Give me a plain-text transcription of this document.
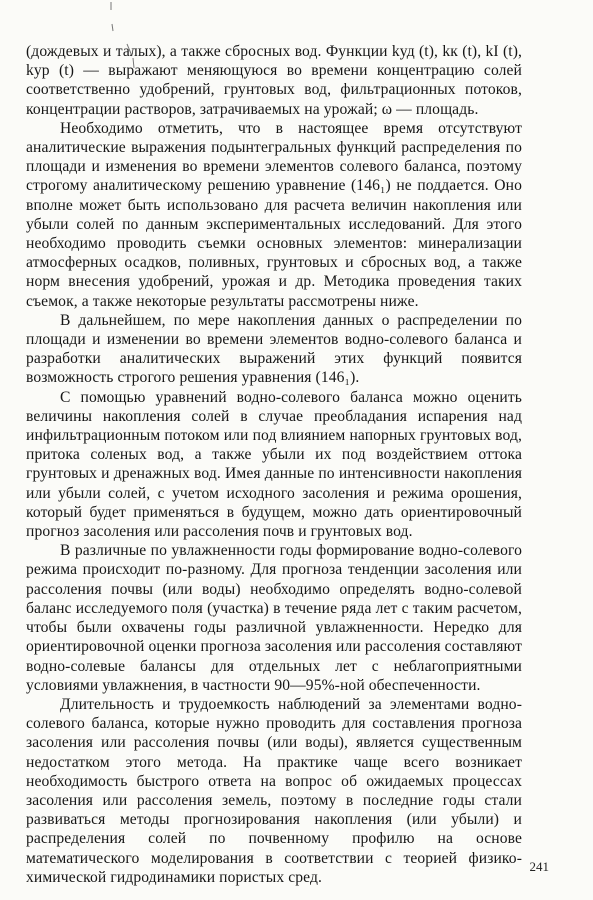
(дождевых и талых), а также сбросных вод. Функции kуд (t), kк (t), kI (t), kур (t) — выражают меняющуюся во времени концентрацию солей соответственно удобрений, грунтовых вод, фильтрационных потоков, концентрации растворов, затрачиваемых на урожай; ω — площадь.

Необходимо отметить, что в настоящее время отсутствуют аналитические выражения подынтегральных функций распределения по площади и изменения во времени элементов солевого баланса, поэтому строгому аналитическому решению уравнение (146₁) не поддается. Оно вполне может быть использовано для расчета величин накопления или убыли солей по данным экспериментальных исследований. Для этого необходимо проводить съемки основных элементов: минерализации атмосферных осадков, поливных, грунтовых и сбросных вод, а также норм внесения удобрений, урожая и др. Методика проведения таких съемок, а также некоторые результаты рассмотрены ниже.

В дальнейшем, по мере накопления данных о распределении по площади и изменении во времени элементов водно-солевого баланса и разработки аналитических выражений этих функций появится возможность строгого решения уравнения (146₁).

С помощью уравнений водно-солевого баланса можно оценить величины накопления солей в случае преобладания испарения над инфильтрационным потоком или под влиянием напорных грунтовых вод, притока соленых вод, а также убыли их под воздействием оттока грунтовых и дренажных вод. Имея данные по интенсивности накопления или убыли солей, с учетом исходного засоления и режима орошения, который будет применяться в будущем, можно дать ориентировочный прогноз засоления или рассоления почв и грунтовых вод.

В различные по увлажненности годы формирование водно-солевого режима происходит по-разному. Для прогноза тенденции засоления или рассоления почвы (или воды) необходимо определять водно-солевой баланс исследуемого поля (участка) в течение ряда лет с таким расчетом, чтобы были охвачены годы различной увлажненности. Нередко для ориентировочной оценки прогноза засоления или рассоления составляют водно-солевые балансы для отдельных лет с неблагоприятными условиями увлажнения, в частности 90—95%-ной обеспеченности.

Длительность и трудоемкость наблюдений за элементами водно-солевого баланса, которые нужно проводить для составления прогноза засоления или рассоления почвы (или воды), является существенным недостатком этого метода. На практике чаще всего возникает необходимость быстрого ответа на вопрос об ожидаемых процессах засоления или рассоления земель, поэтому в последние годы стали развиваться методы прогнозирования накопления (или убыли) и распределения солей по почвенному профилю на основе математического моделирования в соответствии с теорией физико-химической гидродинамики пористых сред.

241
